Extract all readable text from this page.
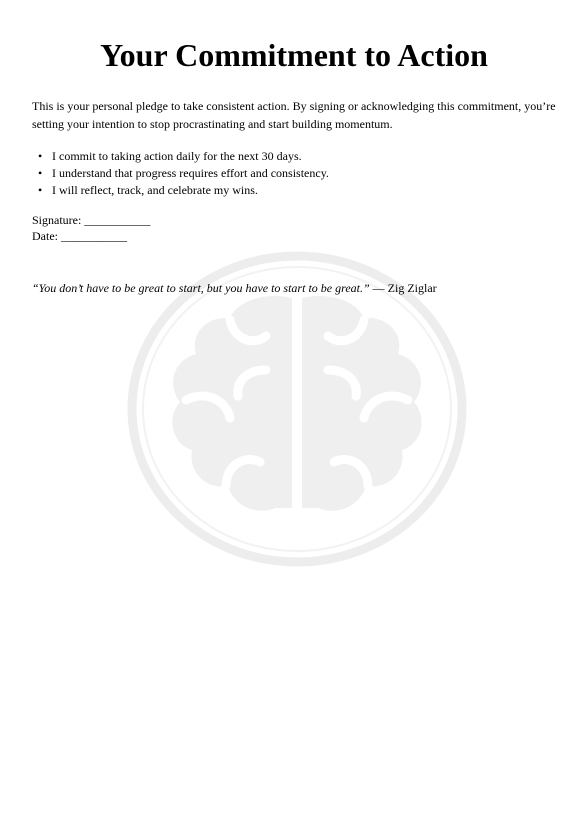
Your Commitment to Action

This is your personal pledge to take consistent action. By signing or acknowledging this commitment, you’re setting your intention to stop procrastinating and start building momentum.

• I commit to taking action daily for the next 30 days.
• I understand that progress requires effort and consistency.
• I will reflect, track, and celebrate my wins.
Signature: ___________
Date: ___________
“You don’t have to be great to start, but you have to start to be great.” — Zig Ziglar
